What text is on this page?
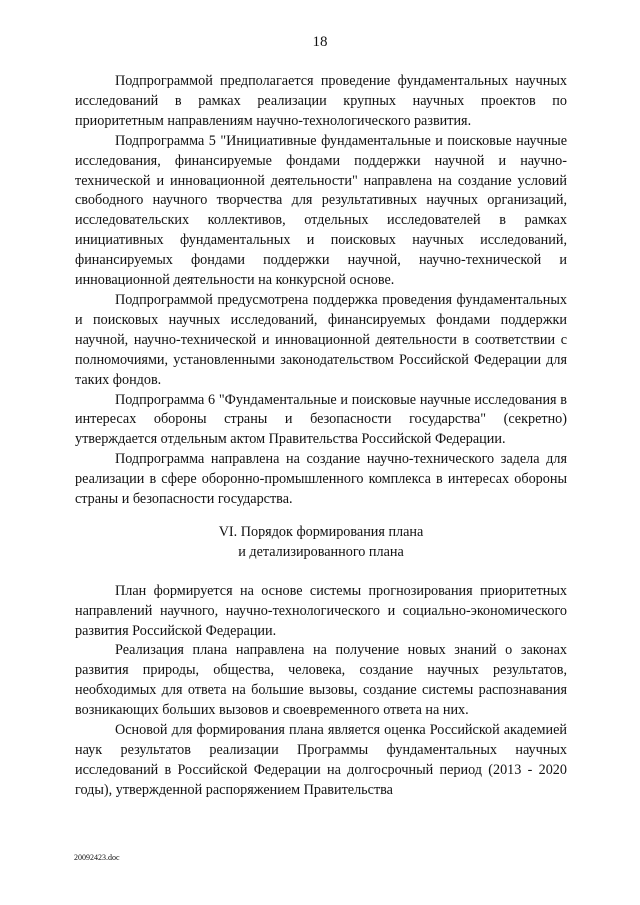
18

Подпрограммой предполагается проведение фундаментальных научных исследований в рамках реализации крупных научных проектов по приоритетным направлениям научно-технологического развития.

Подпрограмма 5 "Инициативные фундаментальные и поисковые научные исследования, финансируемые фондами поддержки научной и научно-технической и инновационной деятельности" направлена на создание условий свободного научного творчества для результативных научных организаций, исследовательских коллективов, отдельных исследователей в рамках инициативных фундаментальных и поисковых научных исследований, финансируемых фондами поддержки научной, научно-технической и инновационной деятельности на конкурсной основе.

Подпрограммой предусмотрена поддержка проведения фундаментальных и поисковых научных исследований, финансируемых фондами поддержки научной, научно-технической и инновационной деятельности в соответствии с полномочиями, установленными законодательством Российской Федерации для таких фондов.

Подпрограмма 6 "Фундаментальные и поисковые научные исследования в интересах обороны страны и безопасности государства" (секретно) утверждается отдельным актом Правительства Российской Федерации.

Подпрограмма направлена на создание научно-технического задела для реализации в сфере оборонно-промышленного комплекса в интересах обороны страны и безопасности государства.

VI. Порядок формирования плана
и детализированного плана

План формируется на основе системы прогнозирования приоритетных направлений научного, научно-технологического и социально-экономического развития Российской Федерации.

Реализация плана направлена на получение новых знаний о законах развития природы, общества, человека, создание научных результатов, необходимых для ответа на большие вызовы, создание системы распознавания возникающих больших вызовов и своевременного ответа на них.

Основой для формирования плана является оценка Российской академией наук результатов реализации Программы фундаментальных научных исследований в Российской Федерации на долгосрочный период (2013 - 2020 годы), утвержденной распоряжением Правительства

20092423.doc
